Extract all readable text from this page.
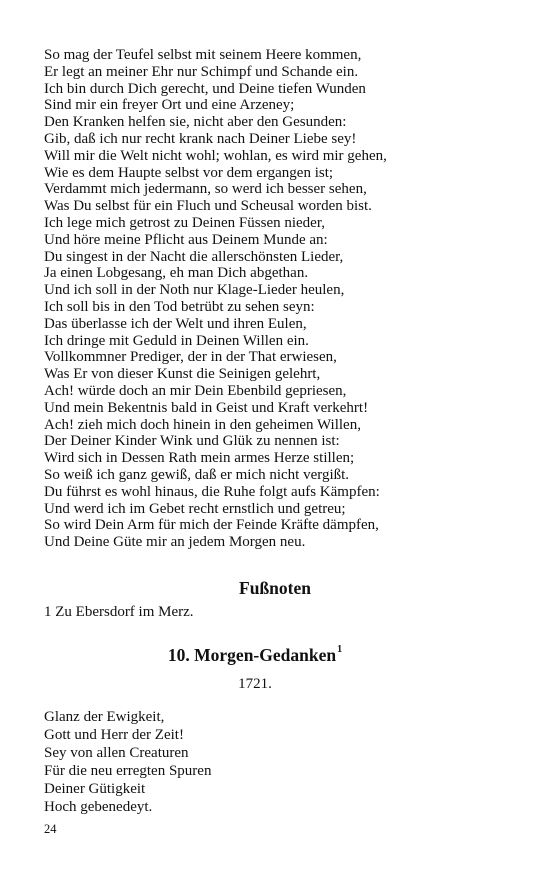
So mag der Teufel selbst mit seinem Heere kommen,
Er legt an meiner Ehr nur Schimpf und Schande ein.
Ich bin durch Dich gerecht, und Deine tiefen Wunden
Sind mir ein freyer Ort und eine Arzeney;
Den Kranken helfen sie, nicht aber den Gesunden:
Gib, daß ich nur recht krank nach Deiner Liebe sey!
Will mir die Welt nicht wohl; wohlan, es wird mir gehen,
Wie es dem Haupte selbst vor dem ergangen ist;
Verdammt mich jedermann, so werd ich besser sehen,
Was Du selbst für ein Fluch und Scheusal worden bist.
Ich lege mich getrost zu Deinen Füssen nieder,
Und höre meine Pflicht aus Deinem Munde an:
Du singest in der Nacht die allerschönsten Lieder,
Ja einen Lobgesang, eh man Dich abgethan.
Und ich soll in der Noth nur Klage-Lieder heulen,
Ich soll bis in den Tod betrübt zu sehen seyn:
Das überlasse ich der Welt und ihren Eulen,
Ich dringe mit Geduld in Deinen Willen ein.
Vollkommner Prediger, der in der That erwiesen,
Was Er von dieser Kunst die Seinigen gelehrt,
Ach! würde doch an mir Dein Ebenbild gepriesen,
Und mein Bekentnis bald in Geist und Kraft verkehrt!
Ach! zieh mich doch hinein in den geheimen Willen,
Der Deiner Kinder Wink und Glük zu nennen ist:
Wird sich in Dessen Rath mein armes Herze stillen;
So weiß ich ganz gewiß, daß er mich nicht vergißt.
Du führst es wohl hinaus, die Ruhe folgt aufs Kämpfen:
Und werd ich im Gebet recht ernstlich und getreu;
So wird Dein Arm für mich der Feinde Kräfte dämpfen,
Und Deine Güte mir an jedem Morgen neu.
Fußnoten
1 Zu Ebersdorf im Merz.
10. Morgen-Gedanken$^1$
1721.
Glanz der Ewigkeit,
Gott und Herr der Zeit!
Sey von allen Creaturen
Für die neu erregten Spuren
Deiner Gütigkeit
Hoch gebenedeyt.
24
